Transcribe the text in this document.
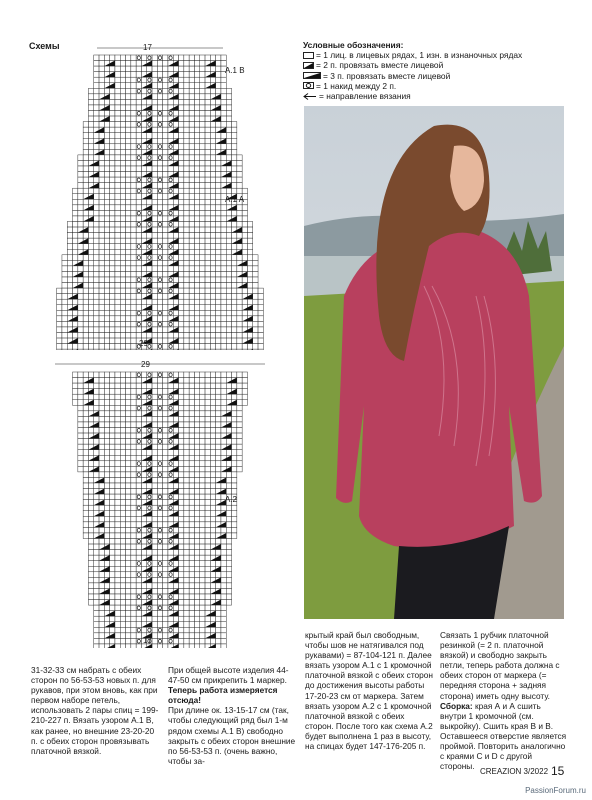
Схемы	Условные обозначения:
= 1 лиц. в лицевых рядах, 1 изн. в изнаночных рядах
= 2 п. провязать вместе лицевой
= 3 п. провязать вместе лицевой
= 1 накид между 2 п.
= направление вязания
17
29
A.1 B
A.1 A
29
17
A.2

31-32-33 см набрать с обеих сторон по 56-53-53 новых п. для рукавов, при этом вновь, как при первом наборе петель, использовать 2 пары спиц = 199-210-227 п. Вязать узором А.1 В, как ранее, но внешние 23-20-20 п. с обеих сторон провязывать платочной вязкой.

При общей высоте изделия 44-47-50 см прикрепить 1 маркер. Теперь работа измеряется отсюда!

При длине ок. 13-15-17 см (так, чтобы следующий ряд был 1-м рядом схемы А.1 В) свободно закрыть с обеих сторон внешние по 56-53-53 п. (очень важно, чтобы за-

крытый край был свободным, чтобы шов не натягивался под рукавами) = 87-104-121 п. Далее вязать узором А.1 с 1 кромочной платочной вязкой с обеих сторон до достижения высоты работы 17-20-23 см от маркера. Затем вязать узором А.2 с 1 кромочной платочной вязкой с обеих сторон. После того как схема А.2 будет выполнена 1 раз в высоту, на спицах будет 147-176-205 п.

Связать 1 рубчик платочной резинкой (= 2 п. платочной вязкой) и свободно закрыть петли, теперь работа должна с обеих сторон от маркера (= передняя сторона + задняя сторона) иметь одну высоту.

Сборка: края А и А сшить внутри 1 кромочной (см. выкройку). Сшить края В и В. Оставшееся отверстие является проймой. Повторить аналогично с краями С и D с другой стороны.

CREAZION 3/2022 15
PassionForum.ru
